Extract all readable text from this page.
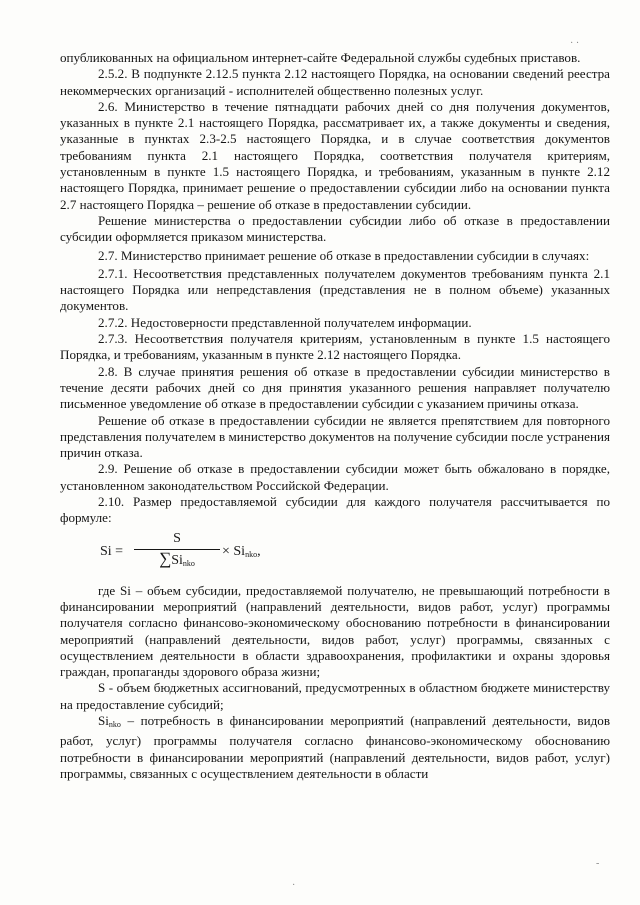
· ·

опубликованных на официальном интернет-сайте Федеральной службы судебных приставов.

2.5.2. В подпункте 2.12.5 пункта 2.12 настоящего Порядка, на основании сведений реестра некоммерческих организаций - исполнителей общественно полезных услуг.

2.6. Министерство в течение пятнадцати рабочих дней со дня получения документов, указанных в пункте 2.1 настоящего Порядка, рассматривает их, а также документы и сведения, указанные в пунктах 2.3-2.5 настоящего Порядка, и в случае соответствия документов требованиям пункта 2.1 настоящего Порядка, соответствия получателя критериям, установленным в пункте 1.5 настоящего Порядка, и требованиям, указанным в пункте 2.12 настоящего Порядка, принимает решение о предоставлении субсидии либо на основании пункта 2.7 настоящего Порядка – решение об отказе в предоставлении субсидии.

Решение министерства о предоставлении субсидии либо об отказе в предоставлении субсидии оформляется приказом министерства.

2.7. Министерство принимает решение об отказе в предоставлении субсидии в случаях:

2.7.1. Несоответствия представленных получателем документов требованиям пункта 2.1 настоящего Порядка или непредставления (представления не в полном объеме) указанных документов.

2.7.2. Недостоверности представленной получателем информации.

2.7.3. Несоответствия получателя критериям, установленным в пункте 1.5 настоящего Порядка, и требованиям, указанным в пункте 2.12 настоящего Порядка.

2.8. В случае принятия решения об отказе в предоставлении субсидии министерство в течение десяти рабочих дней со дня принятия указанного решения направляет получателю письменное уведомление об отказе в предоставлении субсидии с указанием причины отказа.

Решение об отказе в предоставлении субсидии не является препятствием для повторного представления получателем в министерство документов на получение субсидии после устранения причин отказа.

2.9. Решение об отказе в предоставлении субсидии может быть обжаловано в порядке, установленном законодательством Российской Федерации.

2.10. Размер предоставляемой субсидии для каждого получателя рассчитывается по формуле:

Si =
S
$\sum Si_{nko}$
× $Si_{nko}$,

где Si – объем субсидии, предоставляемой получателю, не превышающий потребности в финансировании мероприятий (направлений деятельности, видов работ, услуг) программы получателя согласно финансово-экономическому обоснованию потребности в финансировании мероприятий (направлений деятельности, видов работ, услуг) программы, связанных с осуществлением деятельности в области здравоохранения, профилактики и охраны здоровья граждан, пропаганды здорового образа жизни;

S - объем бюджетных ассигнований, предусмотренных в областном бюджете министерству на предоставление субсидий;

$Si_{nko}$ – потребность в финансировании мероприятий (направлений деятельности, видов работ, услуг) программы получателя согласно финансово-экономическому обоснованию потребности в финансировании мероприятий (направлений деятельности, видов работ, услуг) программы, связанных с осуществлением деятельности в области

-
·
